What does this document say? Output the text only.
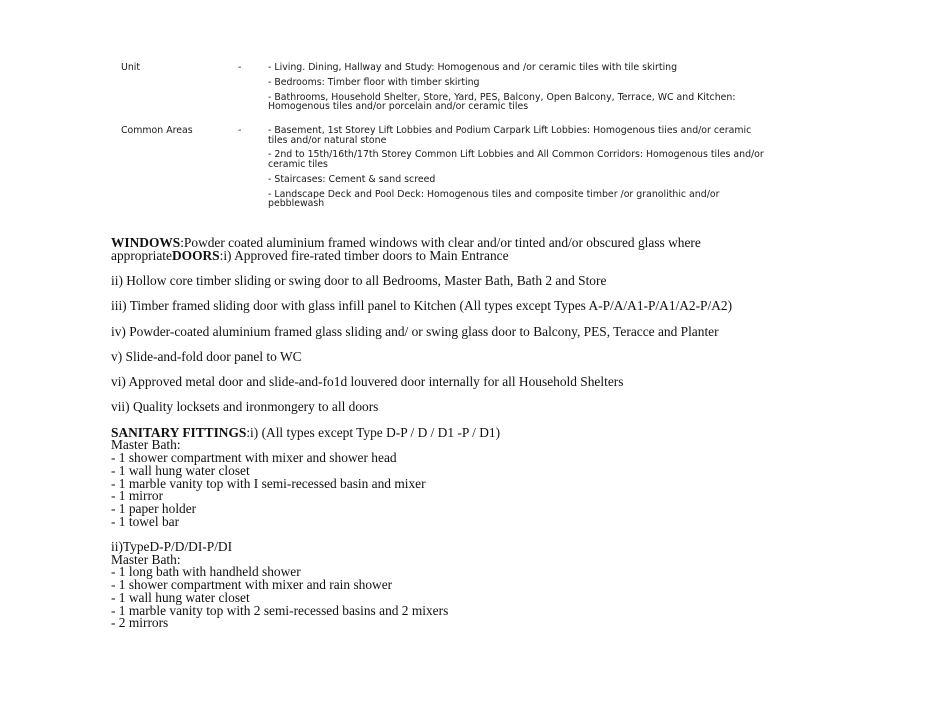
Unit	-	- Living. Dining, Hallway and Study: Homogenous and /or ceramic tiles with tile skirting
- Bedrooms: Timber floor with timber skirting
- Bathrooms, Household Shelter, Store, Yard, PES, Balcony, Open Balcony, Terrace, WC and Kitchen: Homogenous tiles and/or porcelain and/or ceramic tiles
Common Areas	-	- Basement, 1st Storey Lift Lobbies and Podium Carpark Lift Lobbies: Homogenous tiies and/or ceramic tiles and/or natural stone
- 2nd to 15th/16th/17th Storey Common Lift Lobbies and All Common Corridors: Homogenous tiles and/or ceramic tiles
- Staircases: Cement & sand screed
- Landscape Deck and Pool Deck: Homogenous tiles and composite timber /or granolithic and/or pebblewash

WINDOWS:Powder coated aluminium framed windows with clear and/or tinted and/or obscured glass where appropriateDOORS:i) Approved fire-rated timber doors to Main Entrance

ii) Hollow core timber sliding or swing door to all Bedrooms, Master Bath, Bath 2 and Store

iii) Timber framed sliding door with glass infill panel to Kitchen (All types except Types A-P/A/A1-P/A1/A2-P/A2)

iv) Powder-coated aluminium framed glass sliding and/ or swing glass door to Balcony, PES, Teracce and Planter

v) Slide-and-fold door panel to WC

vi) Approved metal door and slide-and-fo1d louvered door internally for all Household Shelters

vii) Quality locksets and ironmongery to all doors

SANITARY FITTINGS:i) (All types except Type D-P / D / D1 -P / D1)
Master Bath:
- 1 shower compartment with mixer and shower head
- 1 wall hung water closet
- 1 marble vanity top with I semi-recessed basin and mixer
- 1 mirror
- 1 paper holder
- 1 towel bar
ii)TypeD-P/D/DI-P/DI
Master Bath:
- 1 long bath with handheld shower
- 1 shower compartment with mixer and rain shower
- 1 wall hung water closet
- 1 marble vanity top with 2 semi-recessed basins and 2 mixers
- 2 mirrors
